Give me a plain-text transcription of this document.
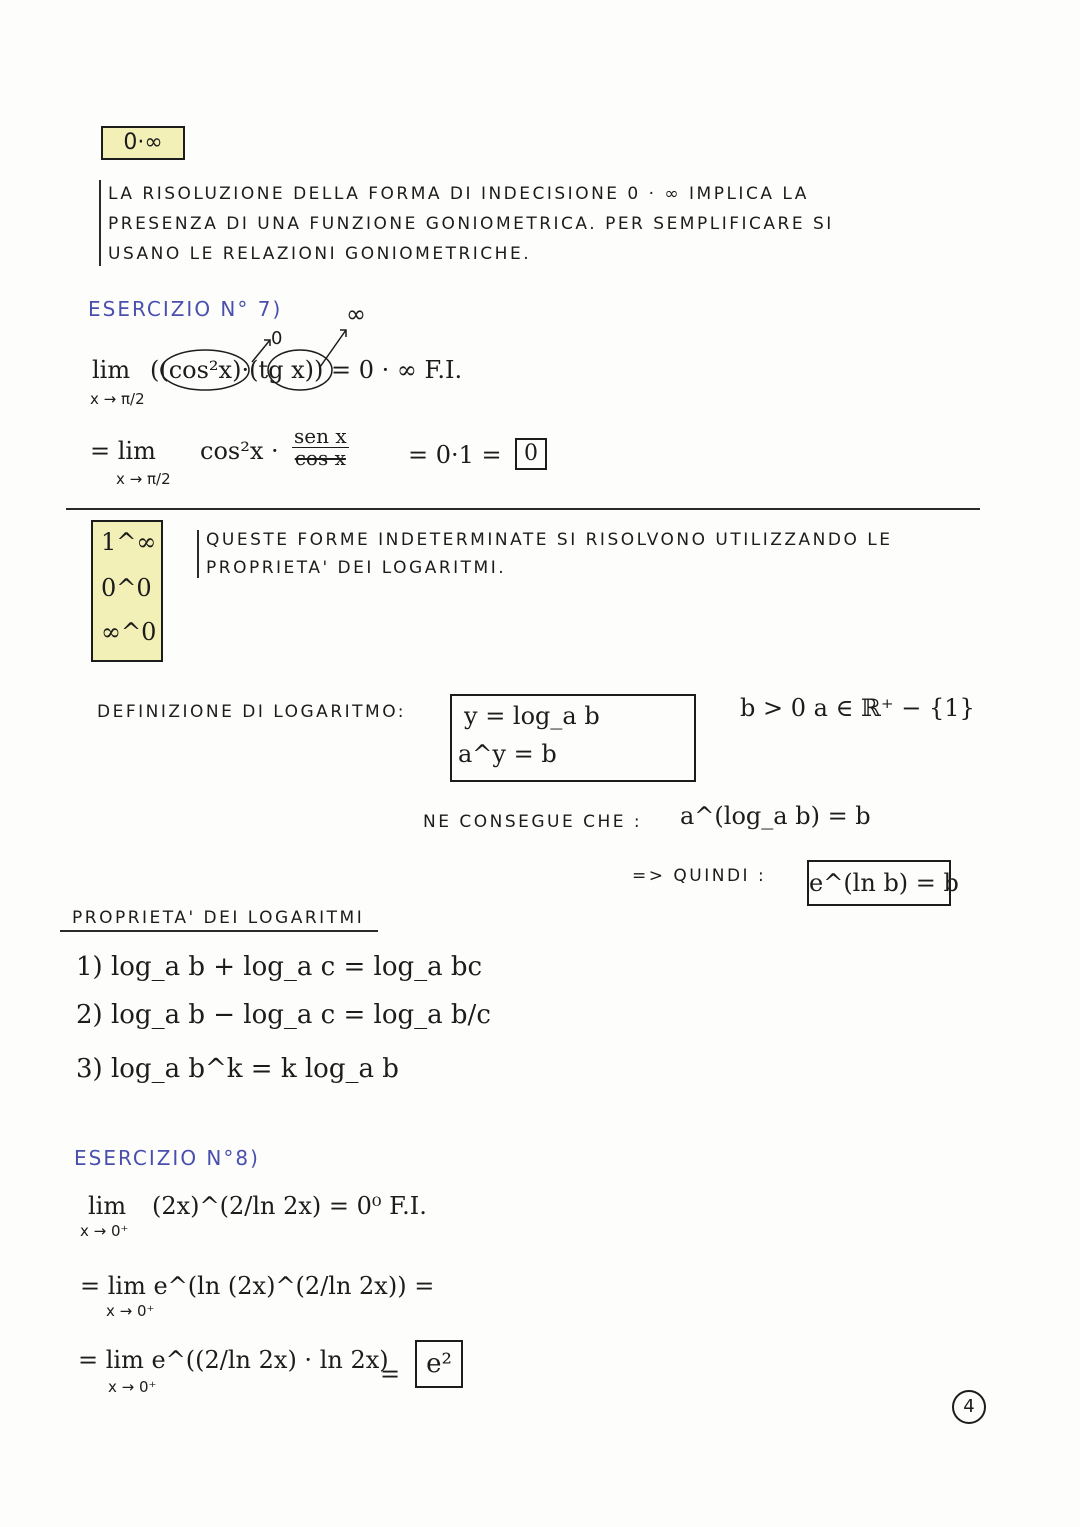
0·∞
LA RISOLUZIONE DELLA FORMA DI INDECISIONE 0 · ∞ IMPLICA LA
PRESENZA DI UNA FUNZIONE GONIOMETRICA. PER SEMPLIFICARE SI
USANO LE RELAZIONI GONIOMETRICHE.
ESERCIZIO N° 7)
0
∞
lim
x → π/2
((cos²x)·(tg x)) = 0 · ∞ F.I.
= lim
x → π/2
cos²x ·
sen x
cos x	= 0·1 =	0
1^∞
0^0
∞^0
QUESTE FORME INDETERMINATE SI RISOLVONO UTILIZZANDO LE
PROPRIETA' DEI LOGARITMI.
DEFINIZIONE DI LOGARITMO: y = log_a b
a^y = b
b > 0 a ∈ ℝ⁺ − {1}
NE CONSEGUE CHE : a^(log_a b) = b
=> QUINDI : e^(ln b) = b
PROPRIETA' DEI LOGARITMI
1) log_a b + log_a c = log_a bc
2) log_a b − log_a c = log_a b/c
3) log_a b^k = k log_a b
ESERCIZIO N°8)
lim
x → 0⁺
(2x)^(2/ln 2x) = 0⁰ F.I.
= lim e^(ln (2x)^(2/ln 2x)) =
x → 0⁺
= lim e^((2/ln 2x) · ln 2x)
x → 0⁺	= e²
4
